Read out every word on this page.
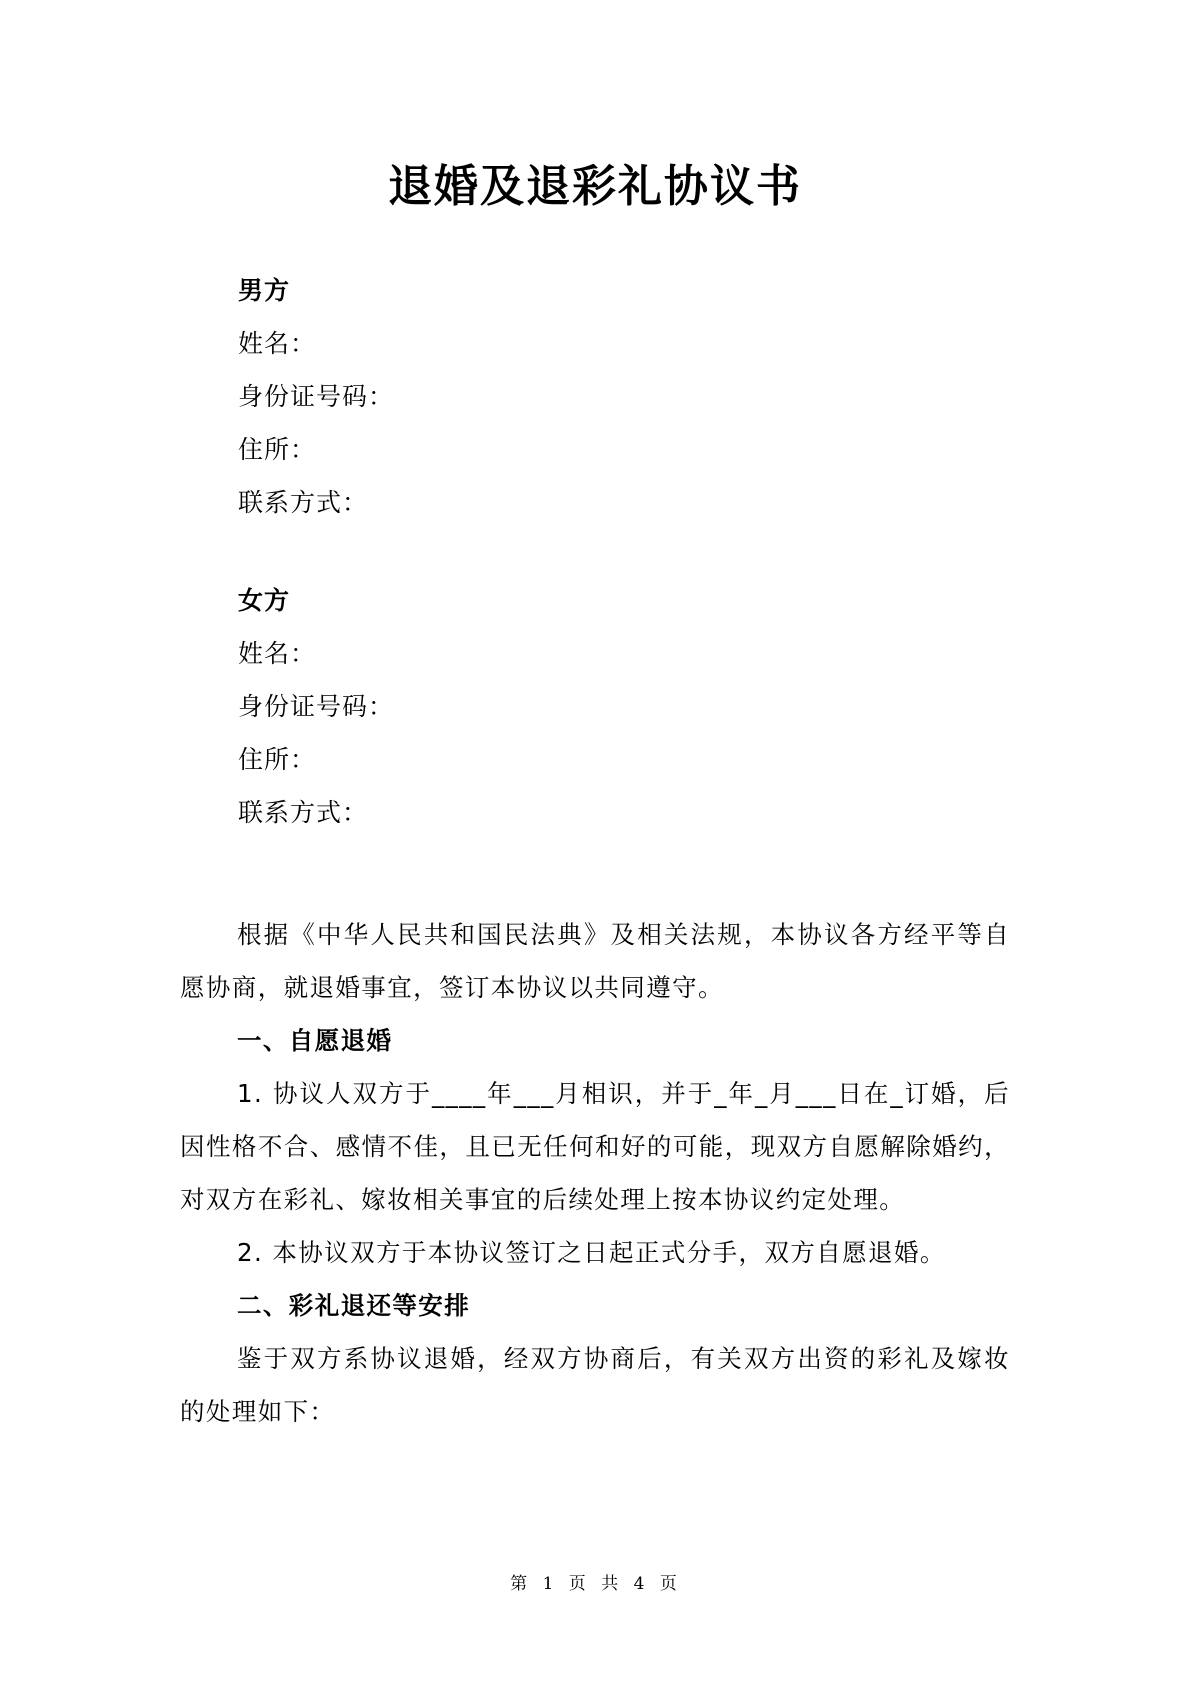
退婚及退彩礼协议书
男方
姓名：
身份证号码：
住所：
联系方式：
女方
姓名：
身份证号码：
住所：
联系方式：

根据《中华人民共和国民法典》及相关法规，本协议各方经平等自愿协商，就退婚事宜，签订本协议以共同遵守。

一、自愿退婚

1. 协议人双方于____年___月相识，并于_年_月___日在_订婚，后因性格不合、感情不佳，且已无任何和好的可能，现双方自愿解除婚约，对双方在彩礼、嫁妆相关事宜的后续处理上按本协议约定处理。

2. 本协议双方于本协议签订之日起正式分手，双方自愿退婚。

二、彩礼退还等安排

鉴于双方系协议退婚，经双方协商后，有关双方出资的彩礼及嫁妆的处理如下：

第 1 页 共 4 页
